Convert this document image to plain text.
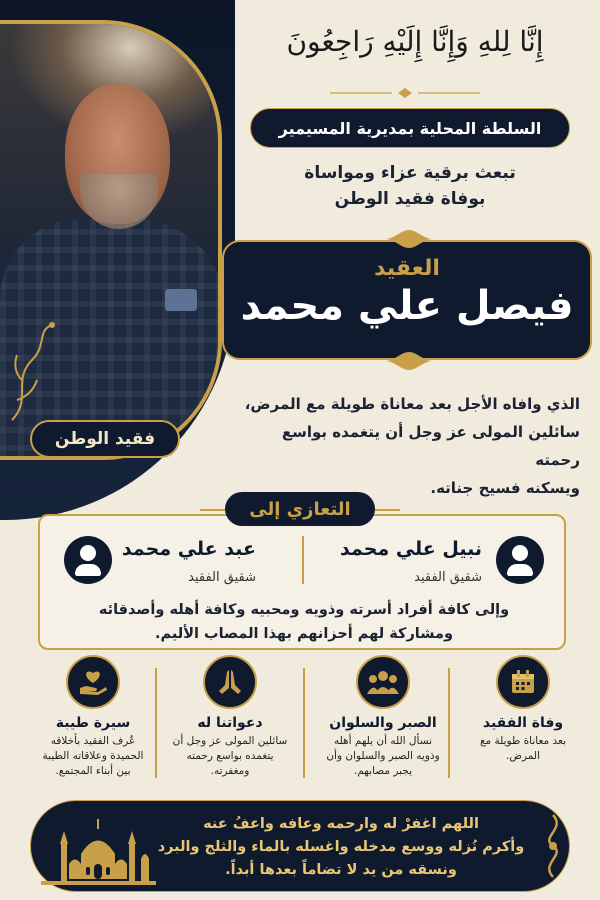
فقيد الوطن
إِنَّا لِلهِ وَإِنَّا إِلَيْهِ رَاجِعُونَ
السلطة المحلية بمديرية المسيمير
تبعث برقية عزاء ومواساة
بوفاة فقيد الوطن
العقيد
فيصل علي محمد
الذي وافاه الأجل بعد معاناة طويلة مع المرض،
سائلين المولى عز وجل أن يتغمده بواسع رحمته
ويسكنه فسيح جناته.
نبيل علي محمد
شقيق الفقيد
عبد علي محمد
شقيق الفقيد
وإلى كافة أفراد أسرته وذويه ومحبيه وكافة أهله وأصدقائه
ومشاركة لهم أحزانهم بهذا المصاب الأليم.
التعازي إلى
وفاة الفقيد
بعد معاناة طويلة مع المرض.
الصبر والسلوان
نسأل الله أن يلهم أهله وذويه الصبر والسلوان وأن يجبر مصابهم.
دعواتنا له
سائلين المولى عز وجل أن يتغمده بواسع رحمته ومغفرته.
سيرة طيبة
عُرف الفقيد بأخلاقه الحميدة وعلاقاته الطيبة بين أبناء المجتمع.
اللهم اغفرْ له وارحمه وعافه واعفُ عنه
وأكرم نُزله ووسع مدخله واغسله بالماء والثلج والبرد
ونسقه من يد لا تضاماً بعدها أبداً.
